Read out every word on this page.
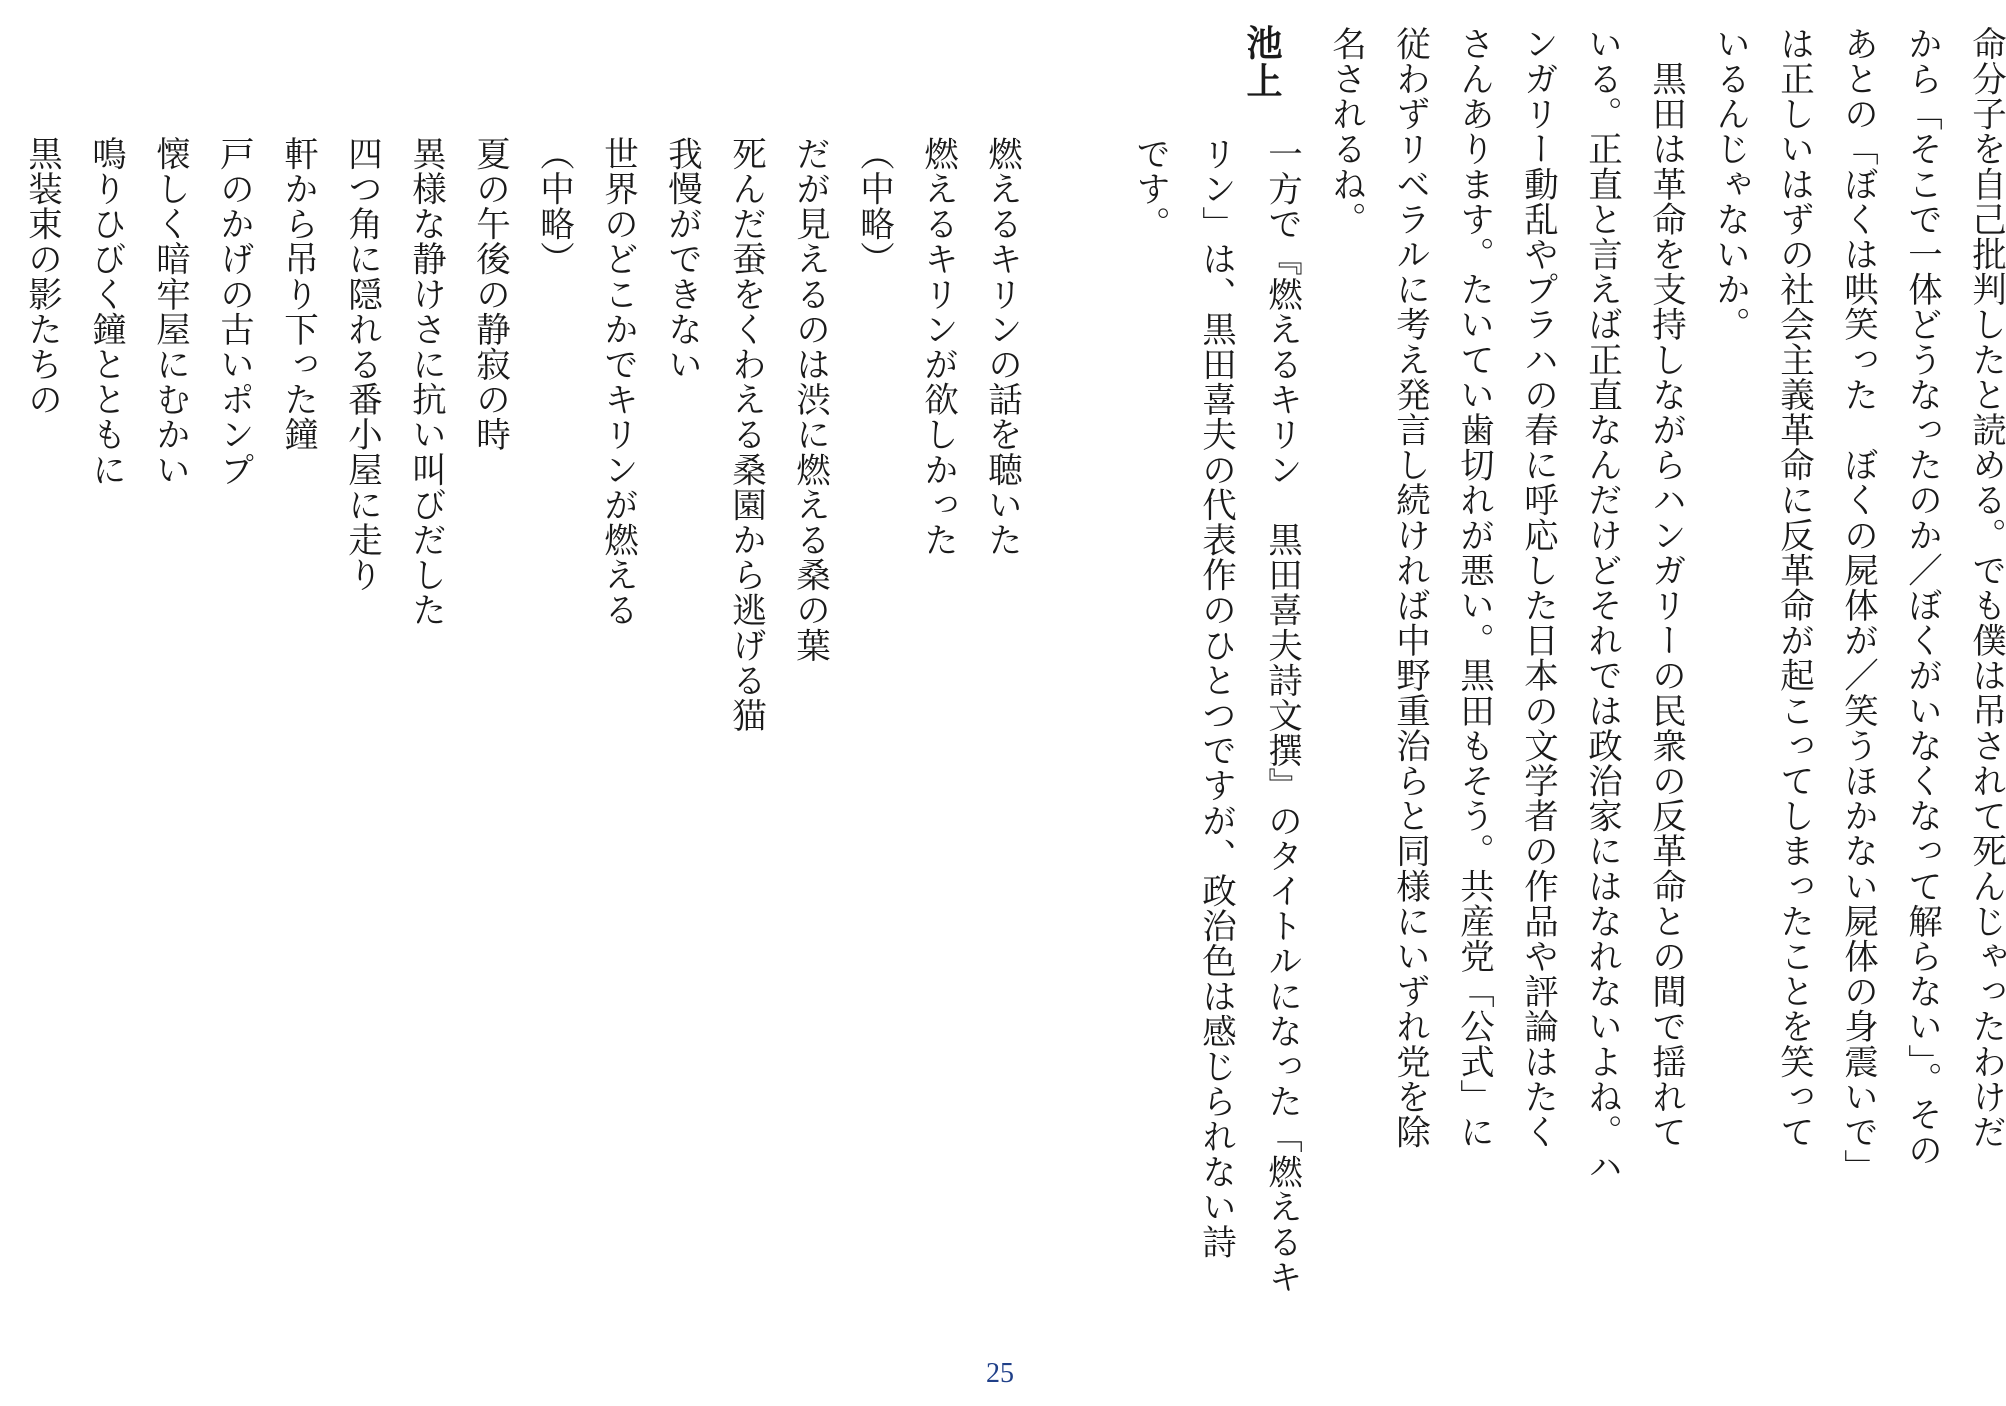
命分子を自己批判したと読める。でも僕は吊されて死んじゃったわけだ
から「そこで一体どうなったのか／ぼくがいなくなって解らない」。その
あとの「ぼくは哄笑った　ぼくの屍体が／笑うほかない屍体の身震いで」
は正しいはずの社会主義革命に反革命が起こってしまったことを笑って
いるんじゃないか。
　黒田は革命を支持しながらハンガリーの民衆の反革命との間で揺れて
いる。正直と言えば正直なんだけどそれでは政治家にはなれないよね。ハ
ンガリー動乱やプラハの春に呼応した日本の文学者の作品や評論はたく
さんあります。たいてい歯切れが悪い。黒田もそう。共産党「公式」に
従わずリベラルに考え発言し続ければ中野重治らと同様にいずれ党を除
名されるね。
池上
一方で『燃えるキリン　黒田喜夫詩文撰』のタイトルになった「燃えるキ
リン」は、黒田喜夫の代表作のひとつですが、政治色は感じられない詩
です。
燃えるキリンの話を聴いた
燃えるキリンが欲しかった
（中略）
だが見えるのは渋に燃える桑の葉
死んだ蚕をくわえる桑園から逃げる猫
我慢ができない
世界のどこかでキリンが燃える
（中略）
夏の午後の静寂の時
異様な静けさに抗い叫びだした
四つ角に隠れる番小屋に走り
軒から吊り下った鐘
戸のかげの古いポンプ
懐しく暗牢屋にむかい
鳴りひびく鐘とともに
黒装束の影たちの
25
